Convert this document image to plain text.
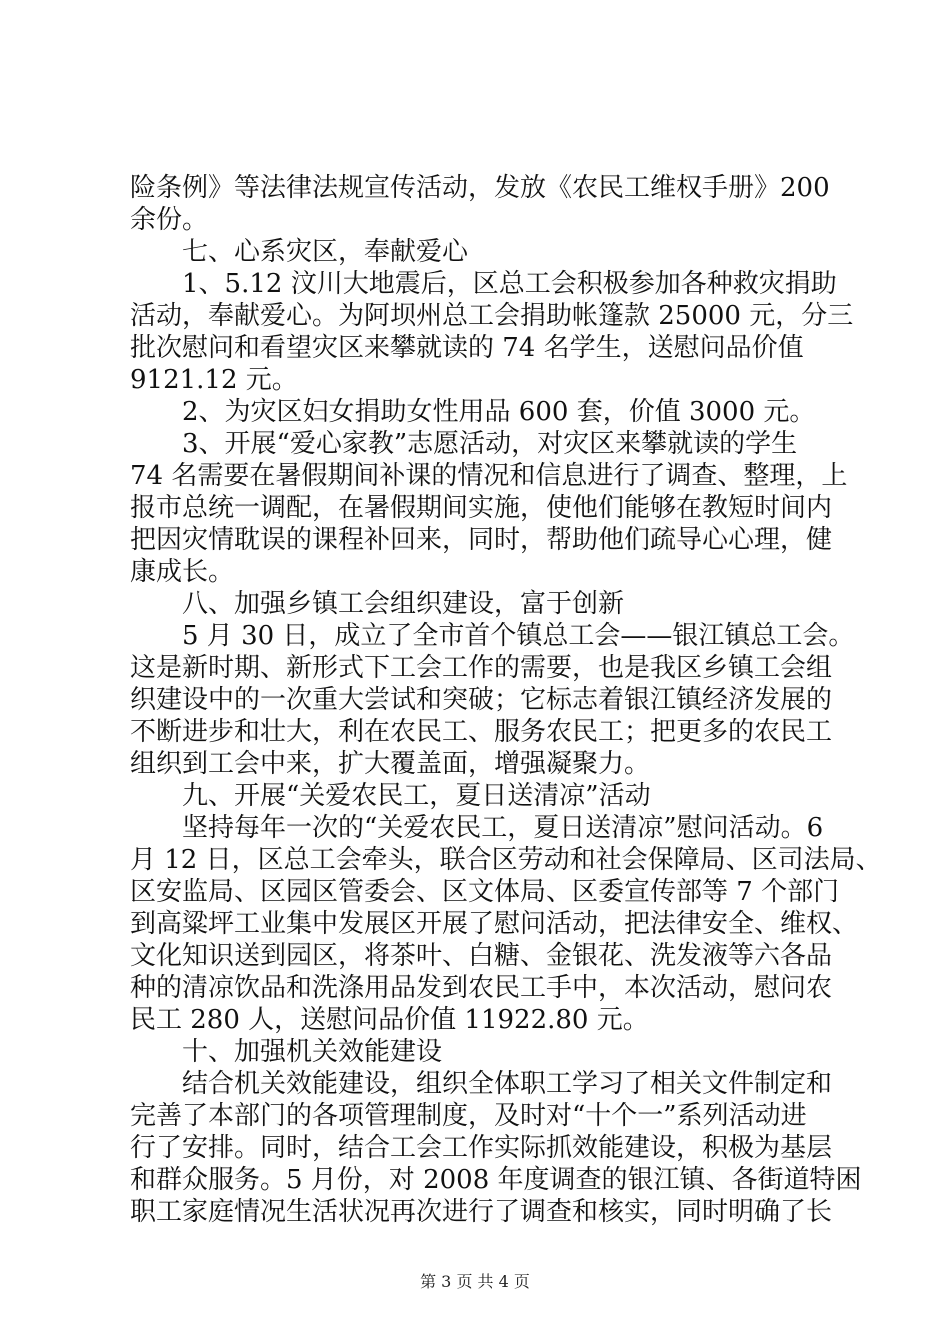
险条例》等法律法规宣传活动，发放《农民工维权手册》200

余份。

七、心系灾区，奉献爱心

1、5.12 汶川大地震后，区总工会积极参加各种救灾捐助

活动，奉献爱心。为阿坝州总工会捐助帐篷款 25000 元，分三

批次慰问和看望灾区来攀就读的 74 名学生，送慰问品价值

9121.12 元。

2、为灾区妇女捐助女性用品 600 套，价值 3000 元。

3、开展“爱心家教”志愿活动，对灾区来攀就读的学生

74 名需要在暑假期间补课的情况和信息进行了调查、整理，上

报市总统一调配，在暑假期间实施，使他们能够在教短时间内

把因灾情耽误的课程补回来，同时，帮助他们疏导心心理，健

康成长。

八、加强乡镇工会组织建设，富于创新

5 月 30 日，成立了全市首个镇总工会——银江镇总工会。

这是新时期、新形式下工会工作的需要，也是我区乡镇工会组

织建设中的一次重大尝试和突破；它标志着银江镇经济发展的

不断进步和壮大，利在农民工、服务农民工；把更多的农民工

组织到工会中来，扩大覆盖面，增强凝聚力。

九、开展“关爱农民工，夏日送清凉”活动

坚持每年一次的“关爱农民工，夏日送清凉”慰问活动。6

月 12 日，区总工会牵头，联合区劳动和社会保障局、区司法局、

区安监局、区园区管委会、区文体局、区委宣传部等 7 个部门

到高粱坪工业集中发展区开展了慰问活动，把法律安全、维权、

文化知识送到园区，将茶叶、白糖、金银花、洗发液等六各品

种的清凉饮品和洗涤用品发到农民工手中，本次活动，慰问农

民工 280 人，送慰问品价值 11922.80 元。

十、加强机关效能建设

结合机关效能建设，组织全体职工学习了相关文件制定和

完善了本部门的各项管理制度，及时对“十个一”系列活动进

行了安排。同时，结合工会工作实际抓效能建设，积极为基层

和群众服务。5 月份，对 2008 年度调查的银江镇、各街道特困

职工家庭情况生活状况再次进行了调查和核实，同时明确了长

第 3 页 共 4 页
